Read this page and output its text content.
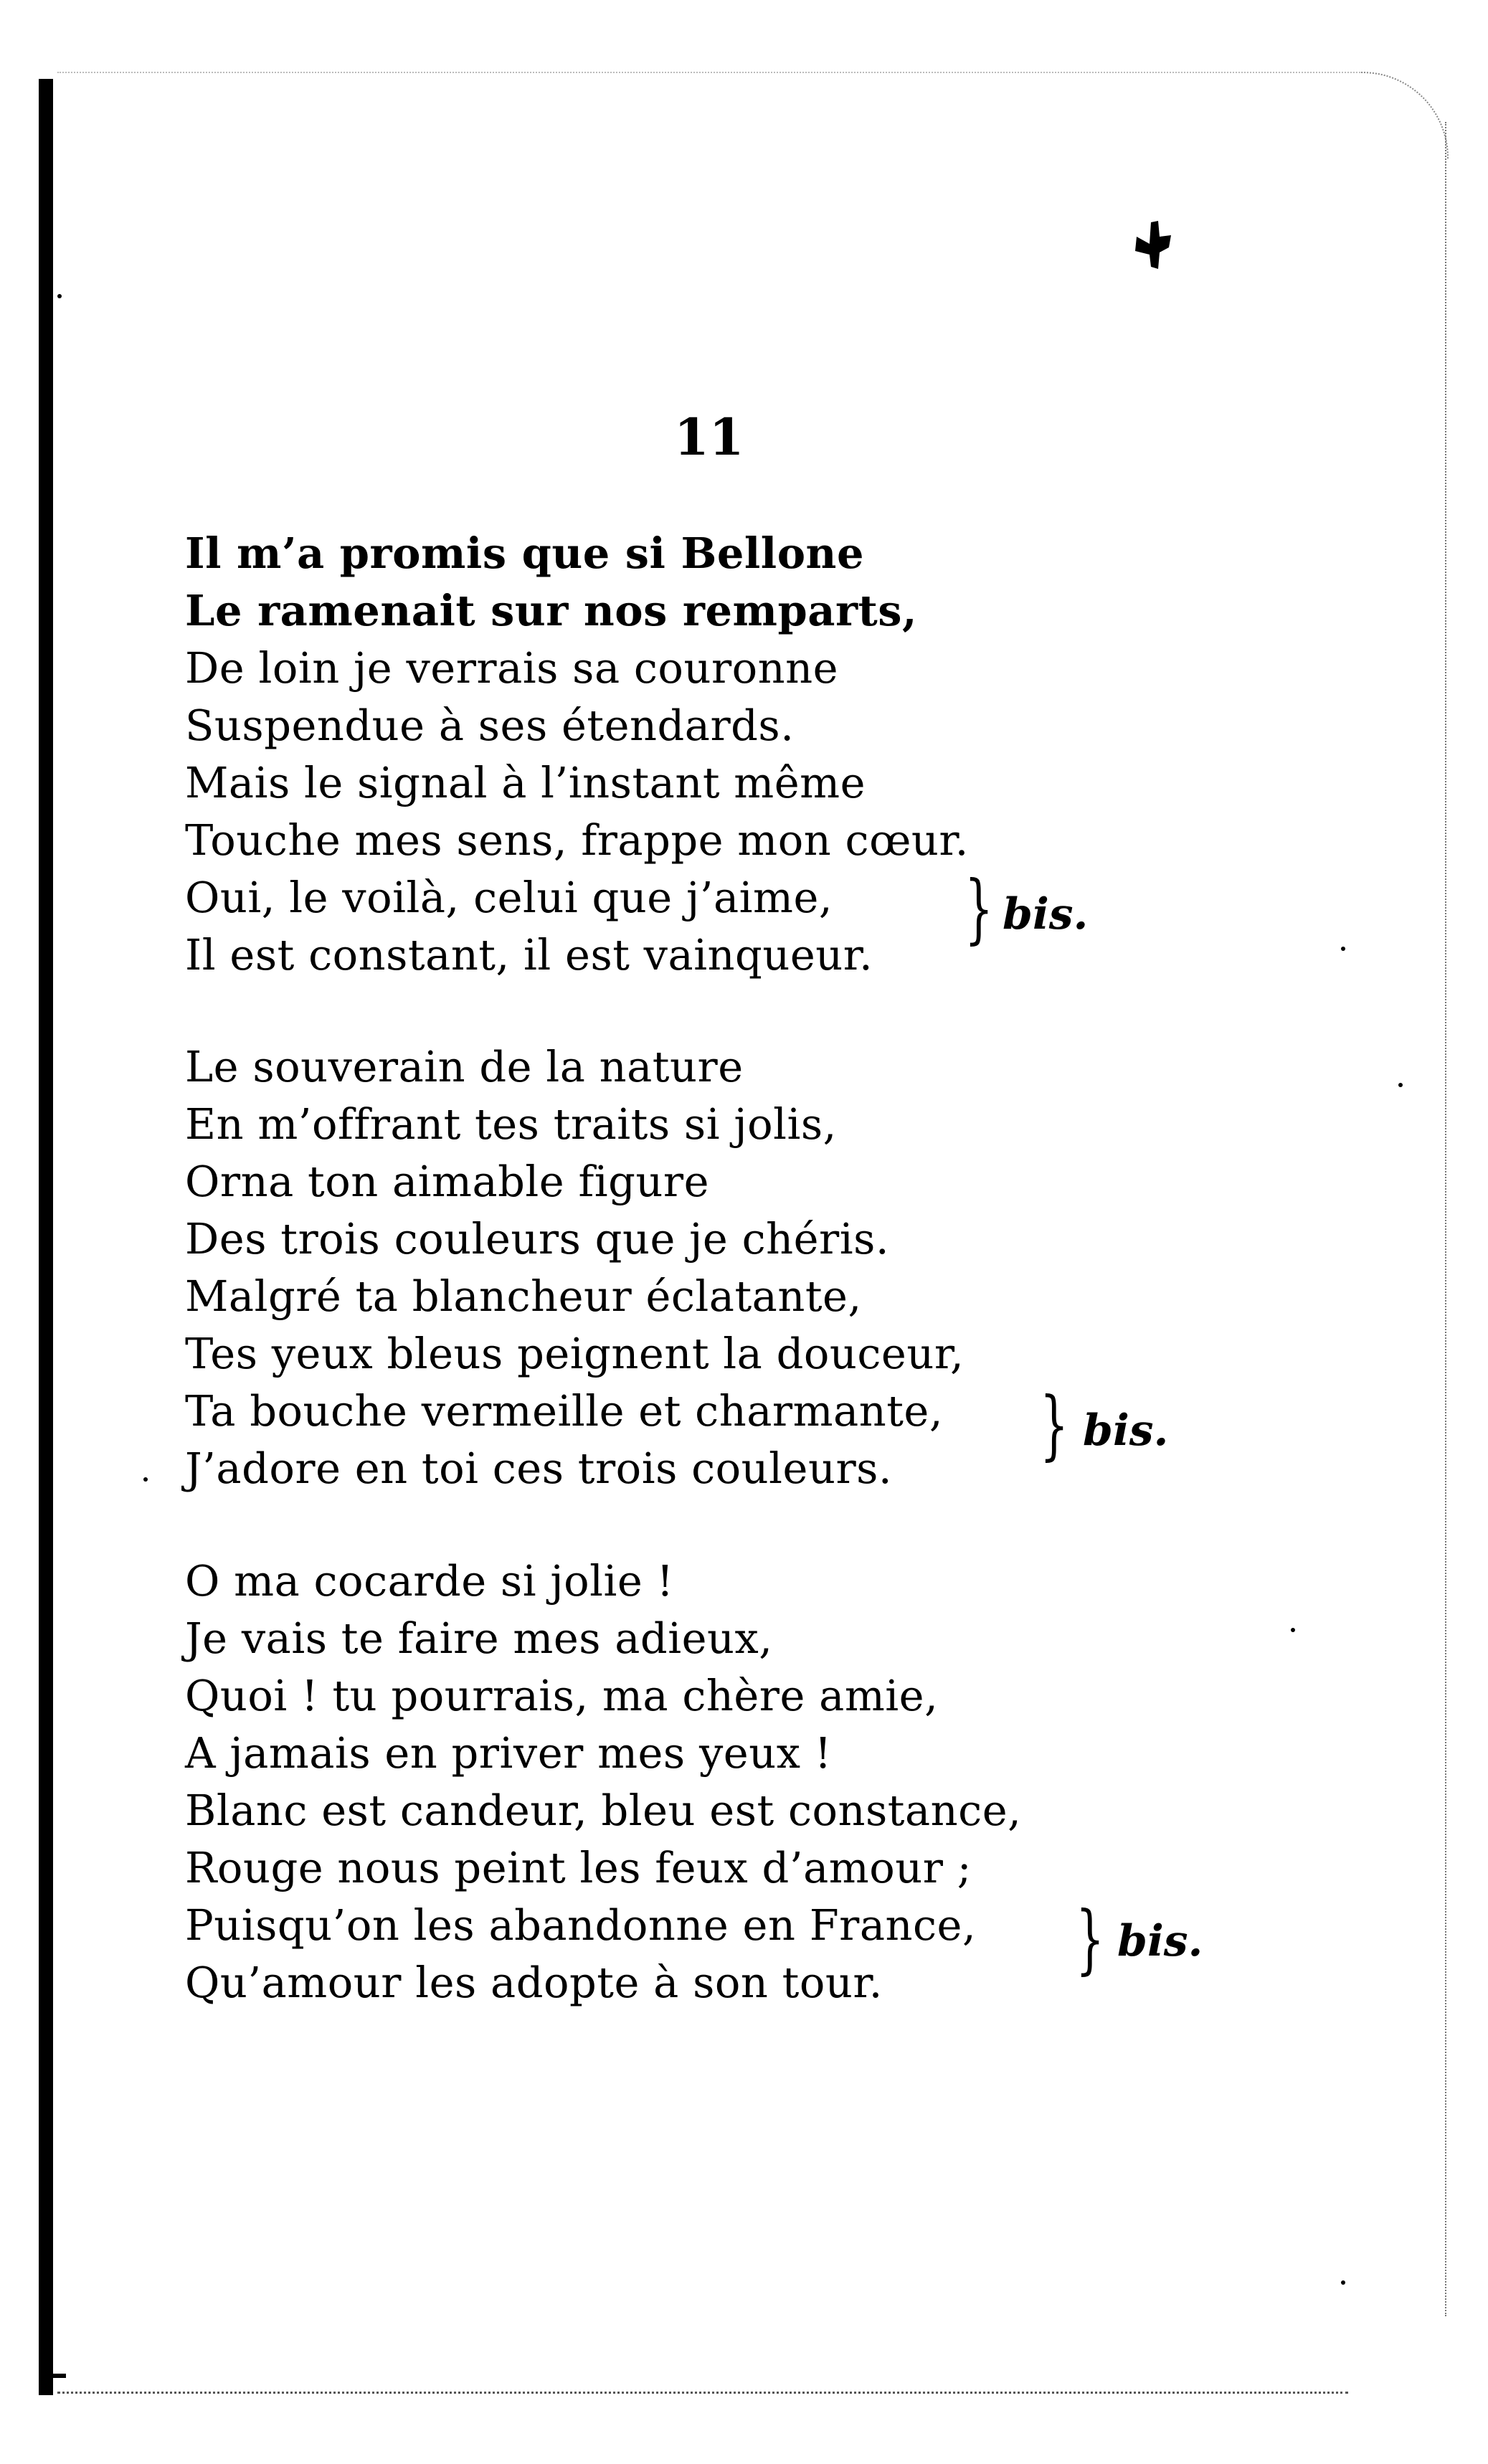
11
Il m’a promis que si Bellone
Le ramenait sur nos remparts,
De loin je verrais sa couronne
Suspendue à ses étendards.
Mais le signal à l’instant même
Touche mes sens, frappe mon cœur.
Oui, le voilà, celui que j’aime,
Il est constant, il est vainqueur.
} bis.
Le souverain de la nature
En m’offrant tes traits si jolis,
Orna ton aimable figure
Des trois couleurs que je chéris.
Malgré ta blancheur éclatante,
Tes yeux bleus peignent la douceur,
Ta bouche vermeille et charmante,
J’adore en toi ces trois couleurs.	} bis.
O ma cocarde si jolie !
Je vais te faire mes adieux,
Quoi ! tu pourrais, ma chère amie,
A jamais en priver mes yeux !
Blanc est candeur, bleu est constance,
Rouge nous peint les feux d’amour ;
Puisqu’on les abandonne en France,
Qu’amour les adopte à son tour.	} bis.
